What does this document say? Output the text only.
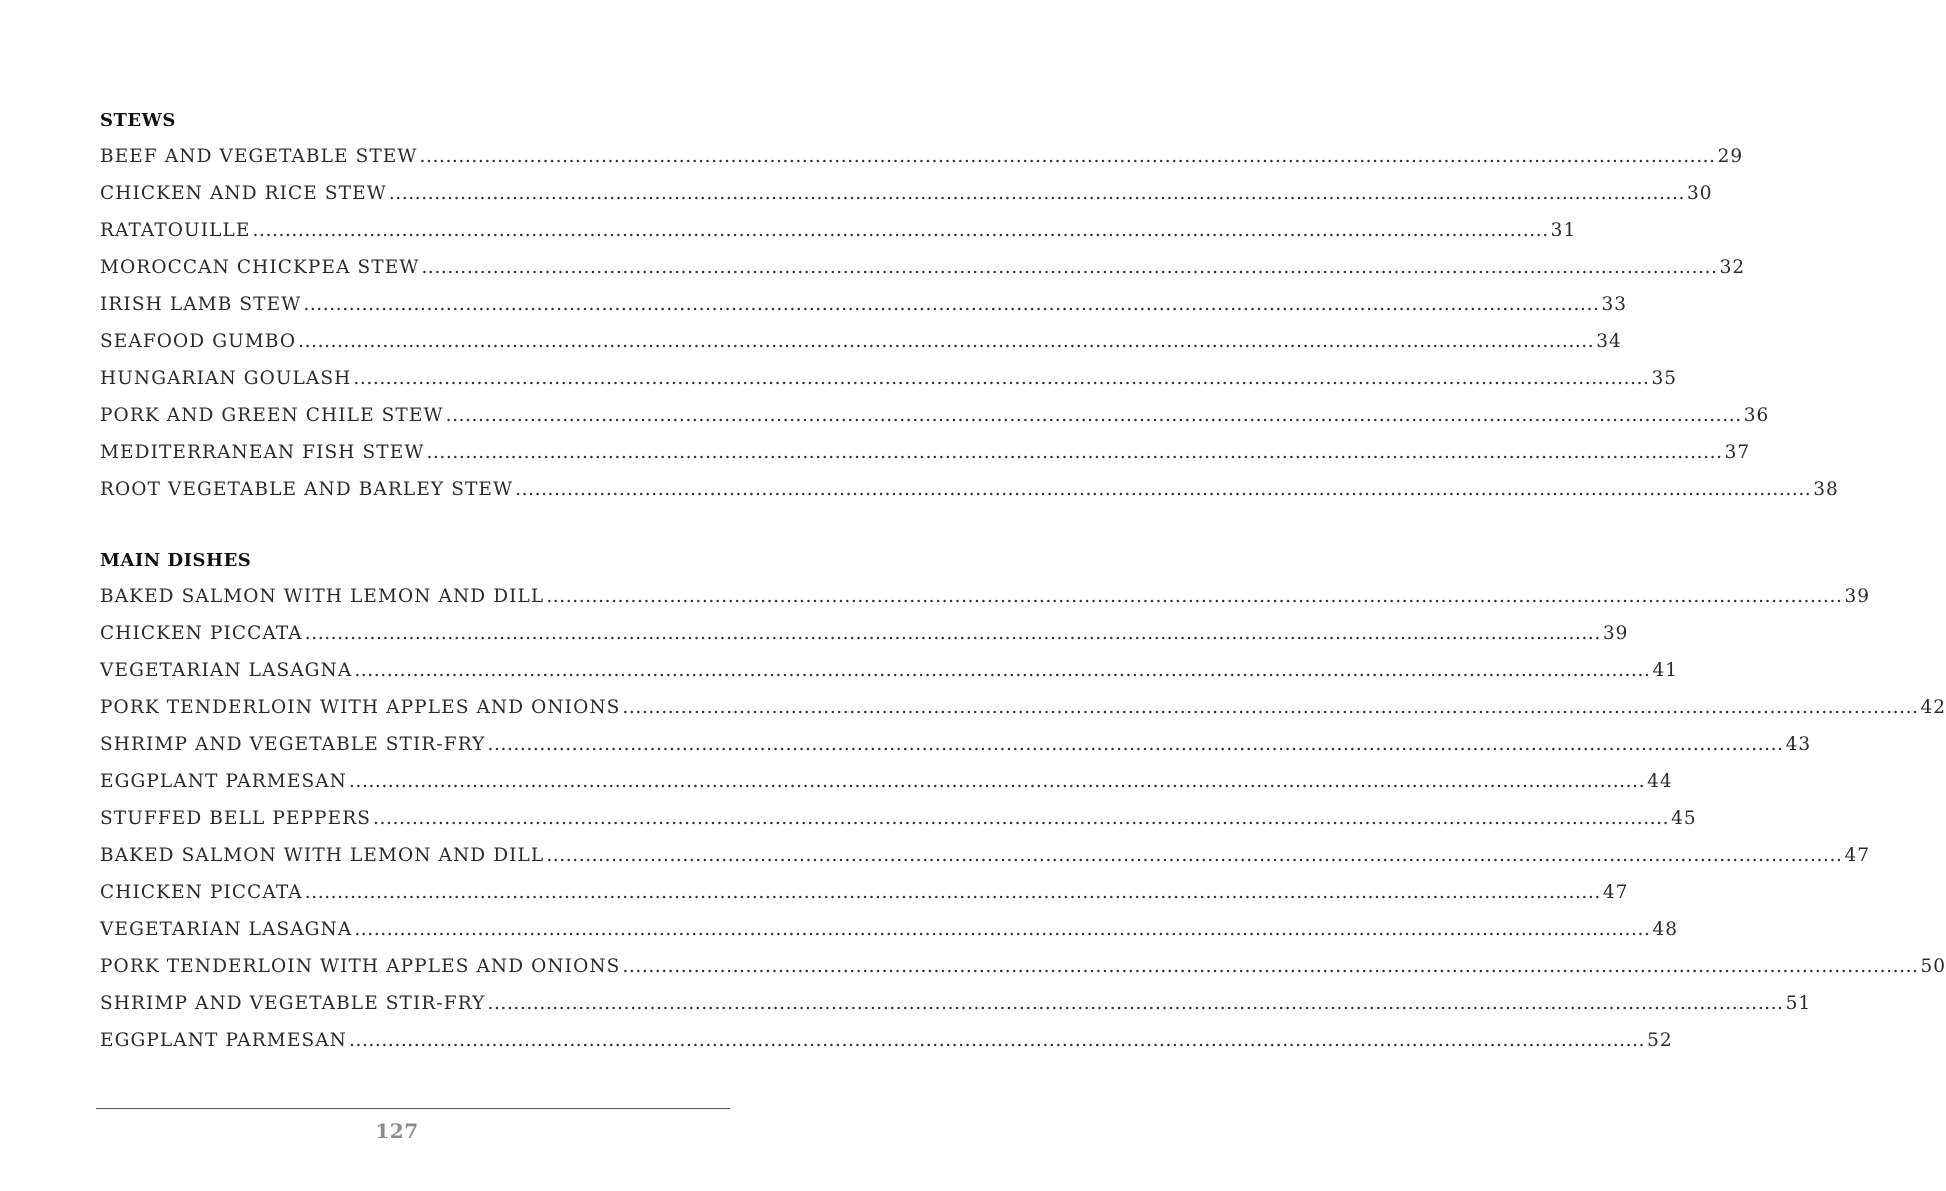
STEWS
BEEF AND VEGETABLE STEW ........................................................................................................................................................................................................ 29
CHICKEN AND RICE STEW ........................................................................................................................................................................................................ 30
RATATOUILLE ........................................................................................................................................................................................................ 31
MOROCCAN CHICKPEA STEW ........................................................................................................................................................................................................ 32
IRISH LAMB STEW ........................................................................................................................................................................................................ 33
SEAFOOD GUMBO ........................................................................................................................................................................................................ 34
HUNGARIAN GOULASH ........................................................................................................................................................................................................ 35
PORK AND GREEN CHILE STEW ........................................................................................................................................................................................................ 36
MEDITERRANEAN FISH STEW ........................................................................................................................................................................................................ 37
ROOT VEGETABLE AND BARLEY STEW ........................................................................................................................................................................................................ 38
MAIN DISHES
BAKED SALMON WITH LEMON AND DILL ........................................................................................................................................................................................................ 39
CHICKEN PICCATA ........................................................................................................................................................................................................ 39
VEGETARIAN LASAGNA ........................................................................................................................................................................................................ 41
PORK TENDERLOIN WITH APPLES AND ONIONS ........................................................................................................................................................................................................ 42
SHRIMP AND VEGETABLE STIR-FRY ........................................................................................................................................................................................................ 43
EGGPLANT PARMESAN ........................................................................................................................................................................................................ 44
STUFFED BELL PEPPERS ........................................................................................................................................................................................................ 45
BAKED SALMON WITH LEMON AND DILL ........................................................................................................................................................................................................ 47
CHICKEN PICCATA ........................................................................................................................................................................................................ 47
VEGETARIAN LASAGNA ........................................................................................................................................................................................................ 48
PORK TENDERLOIN WITH APPLES AND ONIONS ........................................................................................................................................................................................................ 50
SHRIMP AND VEGETABLE STIR-FRY ........................................................................................................................................................................................................ 51
EGGPLANT PARMESAN ........................................................................................................................................................................................................ 52
127
